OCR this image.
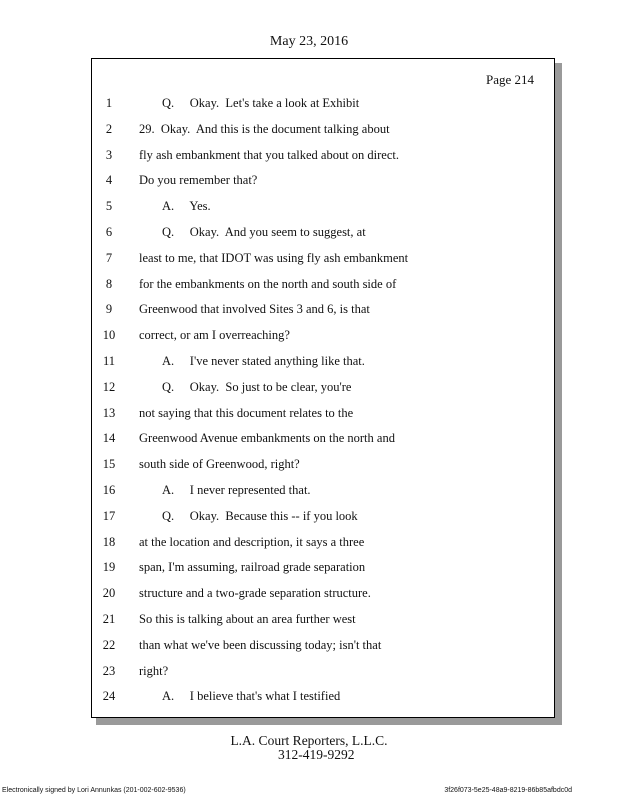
May 23, 2016
Page 214
1	Q.     Okay.  Let's take a look at Exhibit
2	29.  Okay.  And this is the document talking about
3	fly ash embankment that you talked about on direct.
4	Do you remember that?
5	A.     Yes.
6	Q.     Okay.  And you seem to suggest, at
7	least to me, that IDOT was using fly ash embankment
8	for the embankments on the north and south side of
9	Greenwood that involved Sites 3 and 6, is that
10	correct, or am I overreaching?
11	A.     I've never stated anything like that.
12	Q.     Okay.  So just to be clear, you're
13	not saying that this document relates to the
14	Greenwood Avenue embankments on the north and
15	south side of Greenwood, right?
16	A.     I never represented that.
17	Q.     Okay.  Because this -- if you look
18	at the location and description, it says a three
19	span, I'm assuming, railroad grade separation
20	structure and a two-grade separation structure.
21	So this is talking about an area further west
22	than what we've been discussing today; isn't that
23	right?
24	A.     I believe that's what I testified
L.A. Court Reporters, L.L.C.
312-419-9292
Electronically signed by Lori Annunkas (201-002-602-9536)	3f26f073-5e25-48a9-8219-86b85afbdc0d
